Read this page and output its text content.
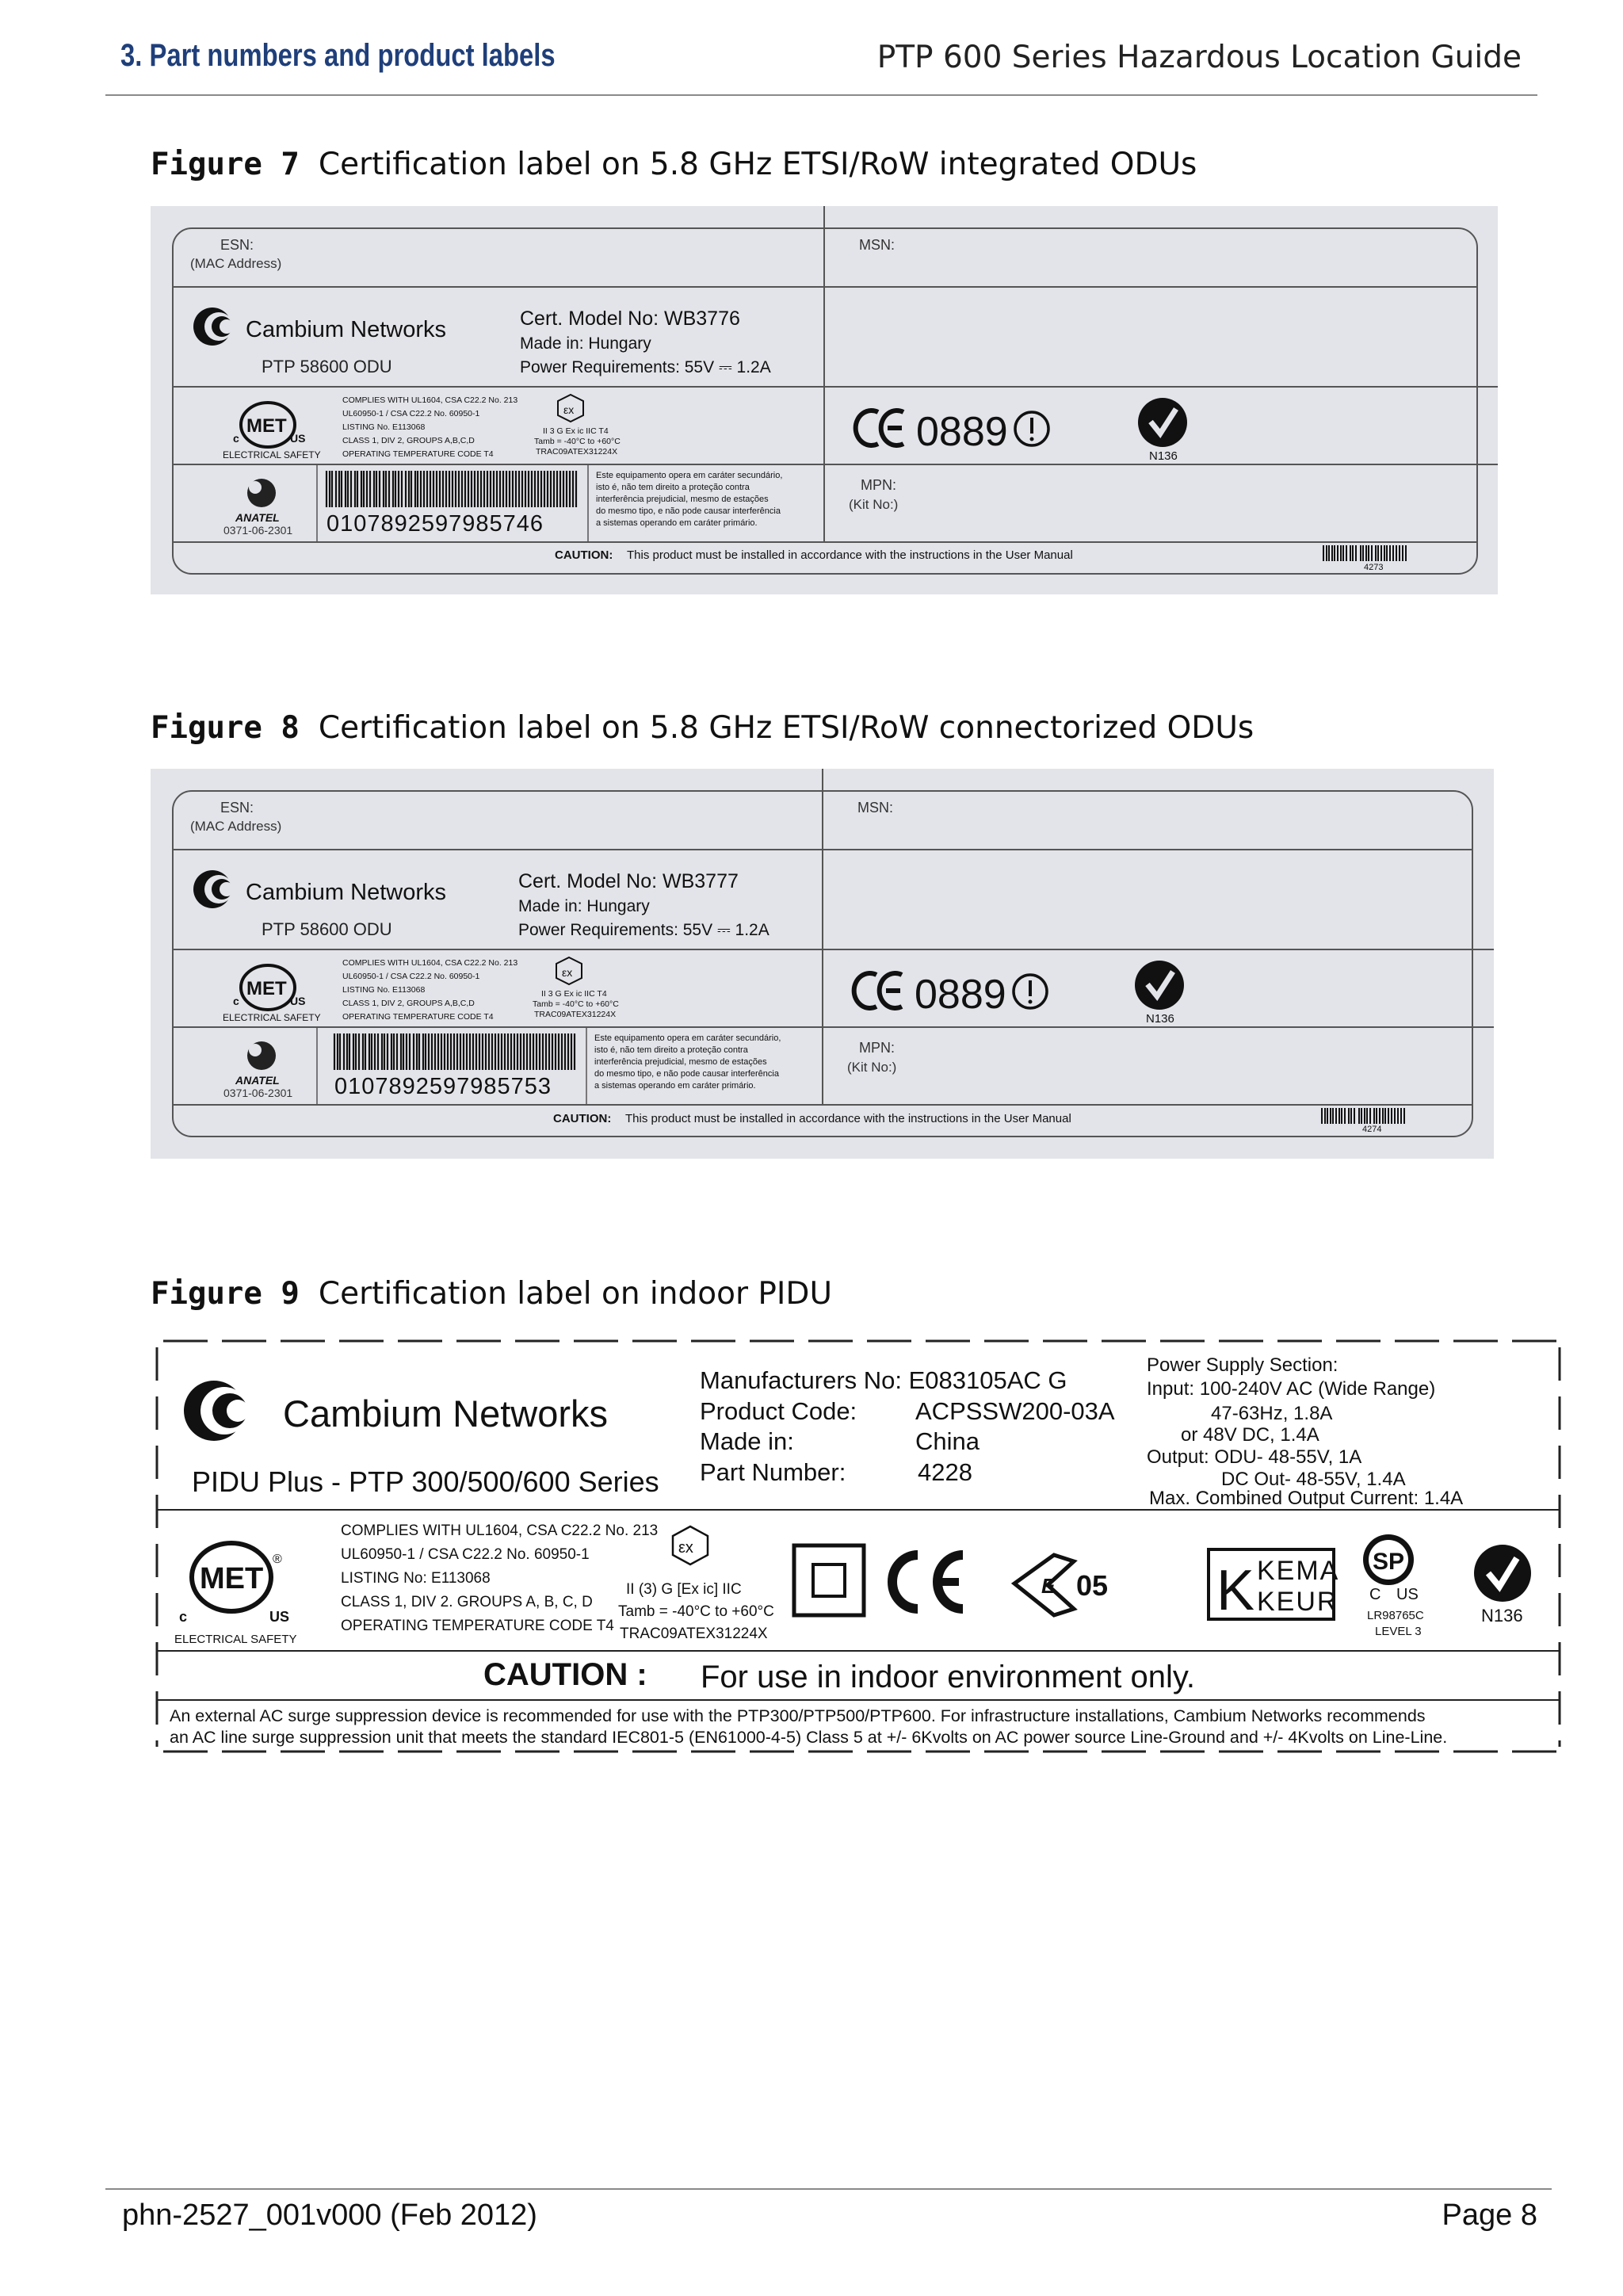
3. Part numbers and product labels	PTP 600 Series Hazardous Location Guide
Figure 7 Certification label on 5.8 GHz ETSI/RoW integrated ODUs
ESN:
(MAC Address)
MSN:
Cambium Networks
PTP 58600 ODU
Cert. Model No: WB3776
Made in: Hungary
Power Requirements: 55V ⎓ 1.2A
MET
c	US
ELECTRICAL SAFETY
COMPLIES WITH UL1604, CSA C22.2 No. 213
UL60950-1 / CSA C22.2 No. 60950-1
LISTING No. E113068
CLASS 1, DIV 2, GROUPS A,B,C,D
OPERATING TEMPERATURE CODE T4
εx
II 3 G Ex ic IIC T4
Tamb = -40°C to +60°C
TRAC09ATEX31224X	0889
N136
ANATEL
0371-06-2301 0107892597985746
Este equipamento opera em caráter secundário,
isto é, não tem direito a proteção contra
interferência prejudicial, mesmo de estações
do mesmo tipo, e não pode causar interferência
a sistemas operando em caráter primário.
MPN:
(Kit No:)
CAUTION: This product must be installed in accordance with the instructions in the User Manual
4273
Figure 8 Certification label on 5.8 GHz ETSI/RoW connectorized ODUs
ESN:
(MAC Address)
MSN:
Cambium Networks
PTP 58600 ODU
Cert. Model No: WB3777
Made in: Hungary
Power Requirements: 55V ⎓ 1.2A
MET
c	US
ELECTRICAL SAFETY
COMPLIES WITH UL1604, CSA C22.2 No. 213
UL60950-1 / CSA C22.2 No. 60950-1
LISTING No. E113068
CLASS 1, DIV 2, GROUPS A,B,C,D
OPERATING TEMPERATURE CODE T4
εx
II 3 G Ex ic IIC T4
Tamb = -40°C to +60°C
TRAC09ATEX31224X	0889
N136
ANATEL
0371-06-2301 0107892597985753
Este equipamento opera em caráter secundário,
isto é, não tem direito a proteção contra
interferência prejudicial, mesmo de estações
do mesmo tipo, e não pode causar interferência
a sistemas operando em caráter primário.
MPN:
(Kit No:)
CAUTION: This product must be installed in accordance with the instructions in the User Manual
4274
Figure 9 Certification label on indoor PIDU
Cambium Networks
PIDU Plus - PTP 300/500/600 Series
Manufacturers No: E083105AC G
Product Code: ACPSSW200-03A
Made in:	China
Part Number:	4228
Power Supply Section:
Input: 100-240V AC (Wide Range)
47-63Hz, 1.8A
or 48V DC, 1.4A
Output: ODU- 48-55V, 1A
DC Out- 48-55V, 1.4A
Max. Combined Output Current: 1.4A
MET
c	US
®
ELECTRICAL SAFETY
COMPLIES WITH UL1604, CSA C22.2 No. 213
UL60950-1 / CSA C22.2 No. 60950-1
LISTING No: E113068
CLASS 1, DIV 2. GROUPS A, B, C, D
OPERATING TEMPERATURE CODE T4
εx
II (3) G [Ex ic] IIC
Tamb = -40°C to +60°C
TRAC09ATEX31224X
E 05 K KEMA
KEUR
SP
C US
LR98765C
LEVEL 3
N136
CAUTION : For use in indoor environment only.
An external AC surge suppression device is recommended for use with the PTP300/PTP500/PTP600. For infrastructure installations, Cambium Networks recommends
an AC line surge suppression unit that meets the standard IEC801-5 (EN61000-4-5) Class 5 at +/- 6Kvolts on AC power source Line-Ground and +/- 4Kvolts on Line-Line.
phn-2527_001v000 (Feb 2012)	Page 8
